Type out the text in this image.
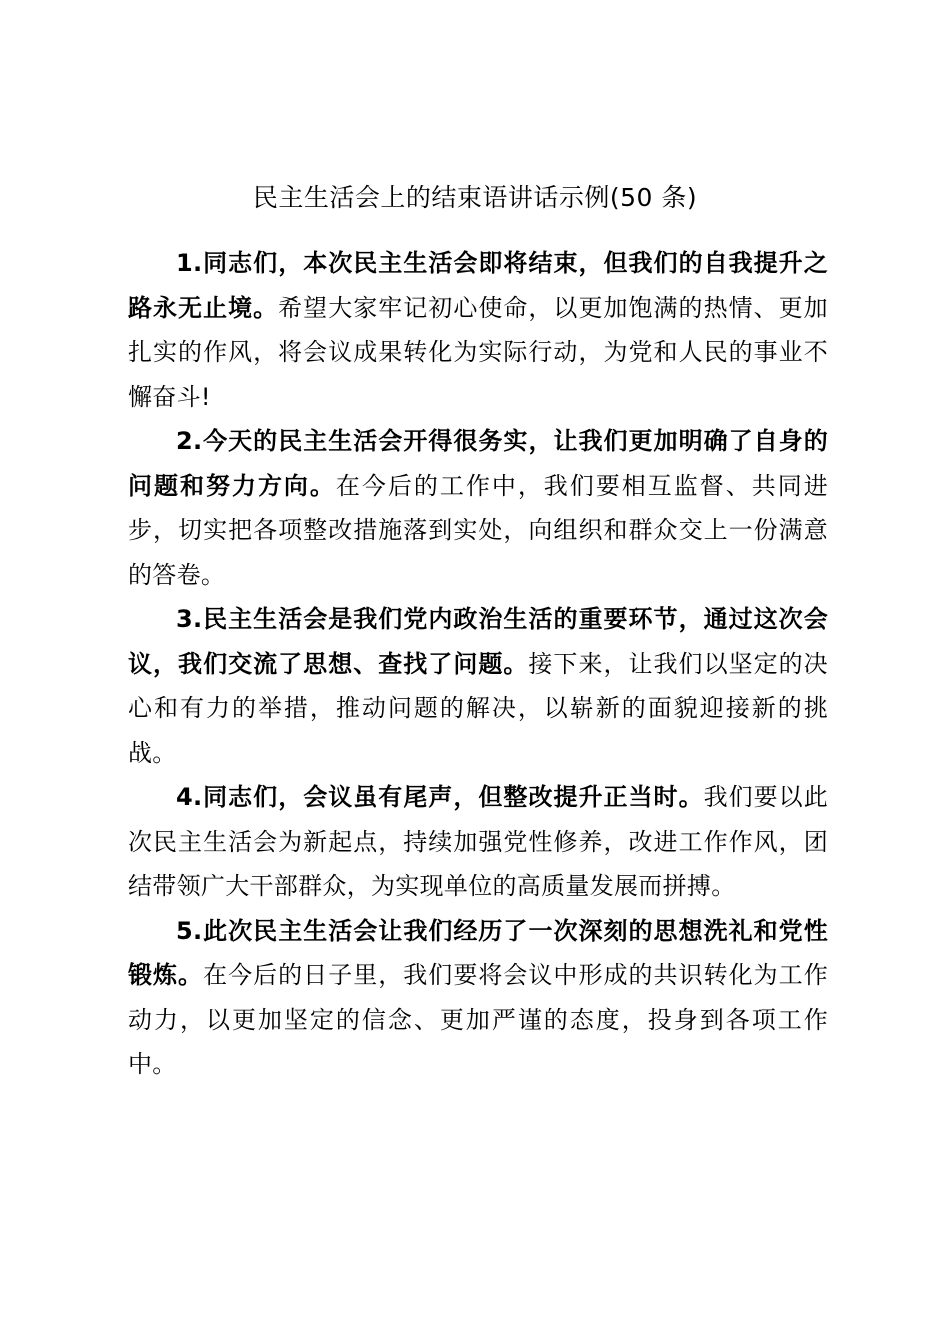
民主生活会上的结束语讲话示例(50 条)

1.同志们，本次民主生活会即将结束，但我们的自我提升之路永无止境。希望大家牢记初心使命，以更加饱满的热情、更加扎实的作风，将会议成果转化为实际行动，为党和人民的事业不懈奋斗!

2.今天的民主生活会开得很务实，让我们更加明确了自身的问题和努力方向。在今后的工作中，我们要相互监督、共同进步，切实把各项整改措施落到实处，向组织和群众交上一份满意的答卷。

3.民主生活会是我们党内政治生活的重要环节，通过这次会议，我们交流了思想、查找了问题。接下来，让我们以坚定的决心和有力的举措，推动问题的解决，以崭新的面貌迎接新的挑战。

4.同志们，会议虽有尾声，但整改提升正当时。我们要以此次民主生活会为新起点，持续加强党性修养，改进工作作风，团结带领广大干部群众，为实现单位的高质量发展而拼搏。

5.此次民主生活会让我们经历了一次深刻的思想洗礼和党性锻炼。在今后的日子里，我们要将会议中形成的共识转化为工作动力，以更加坚定的信念、更加严谨的态度，投身到各项工作中。
